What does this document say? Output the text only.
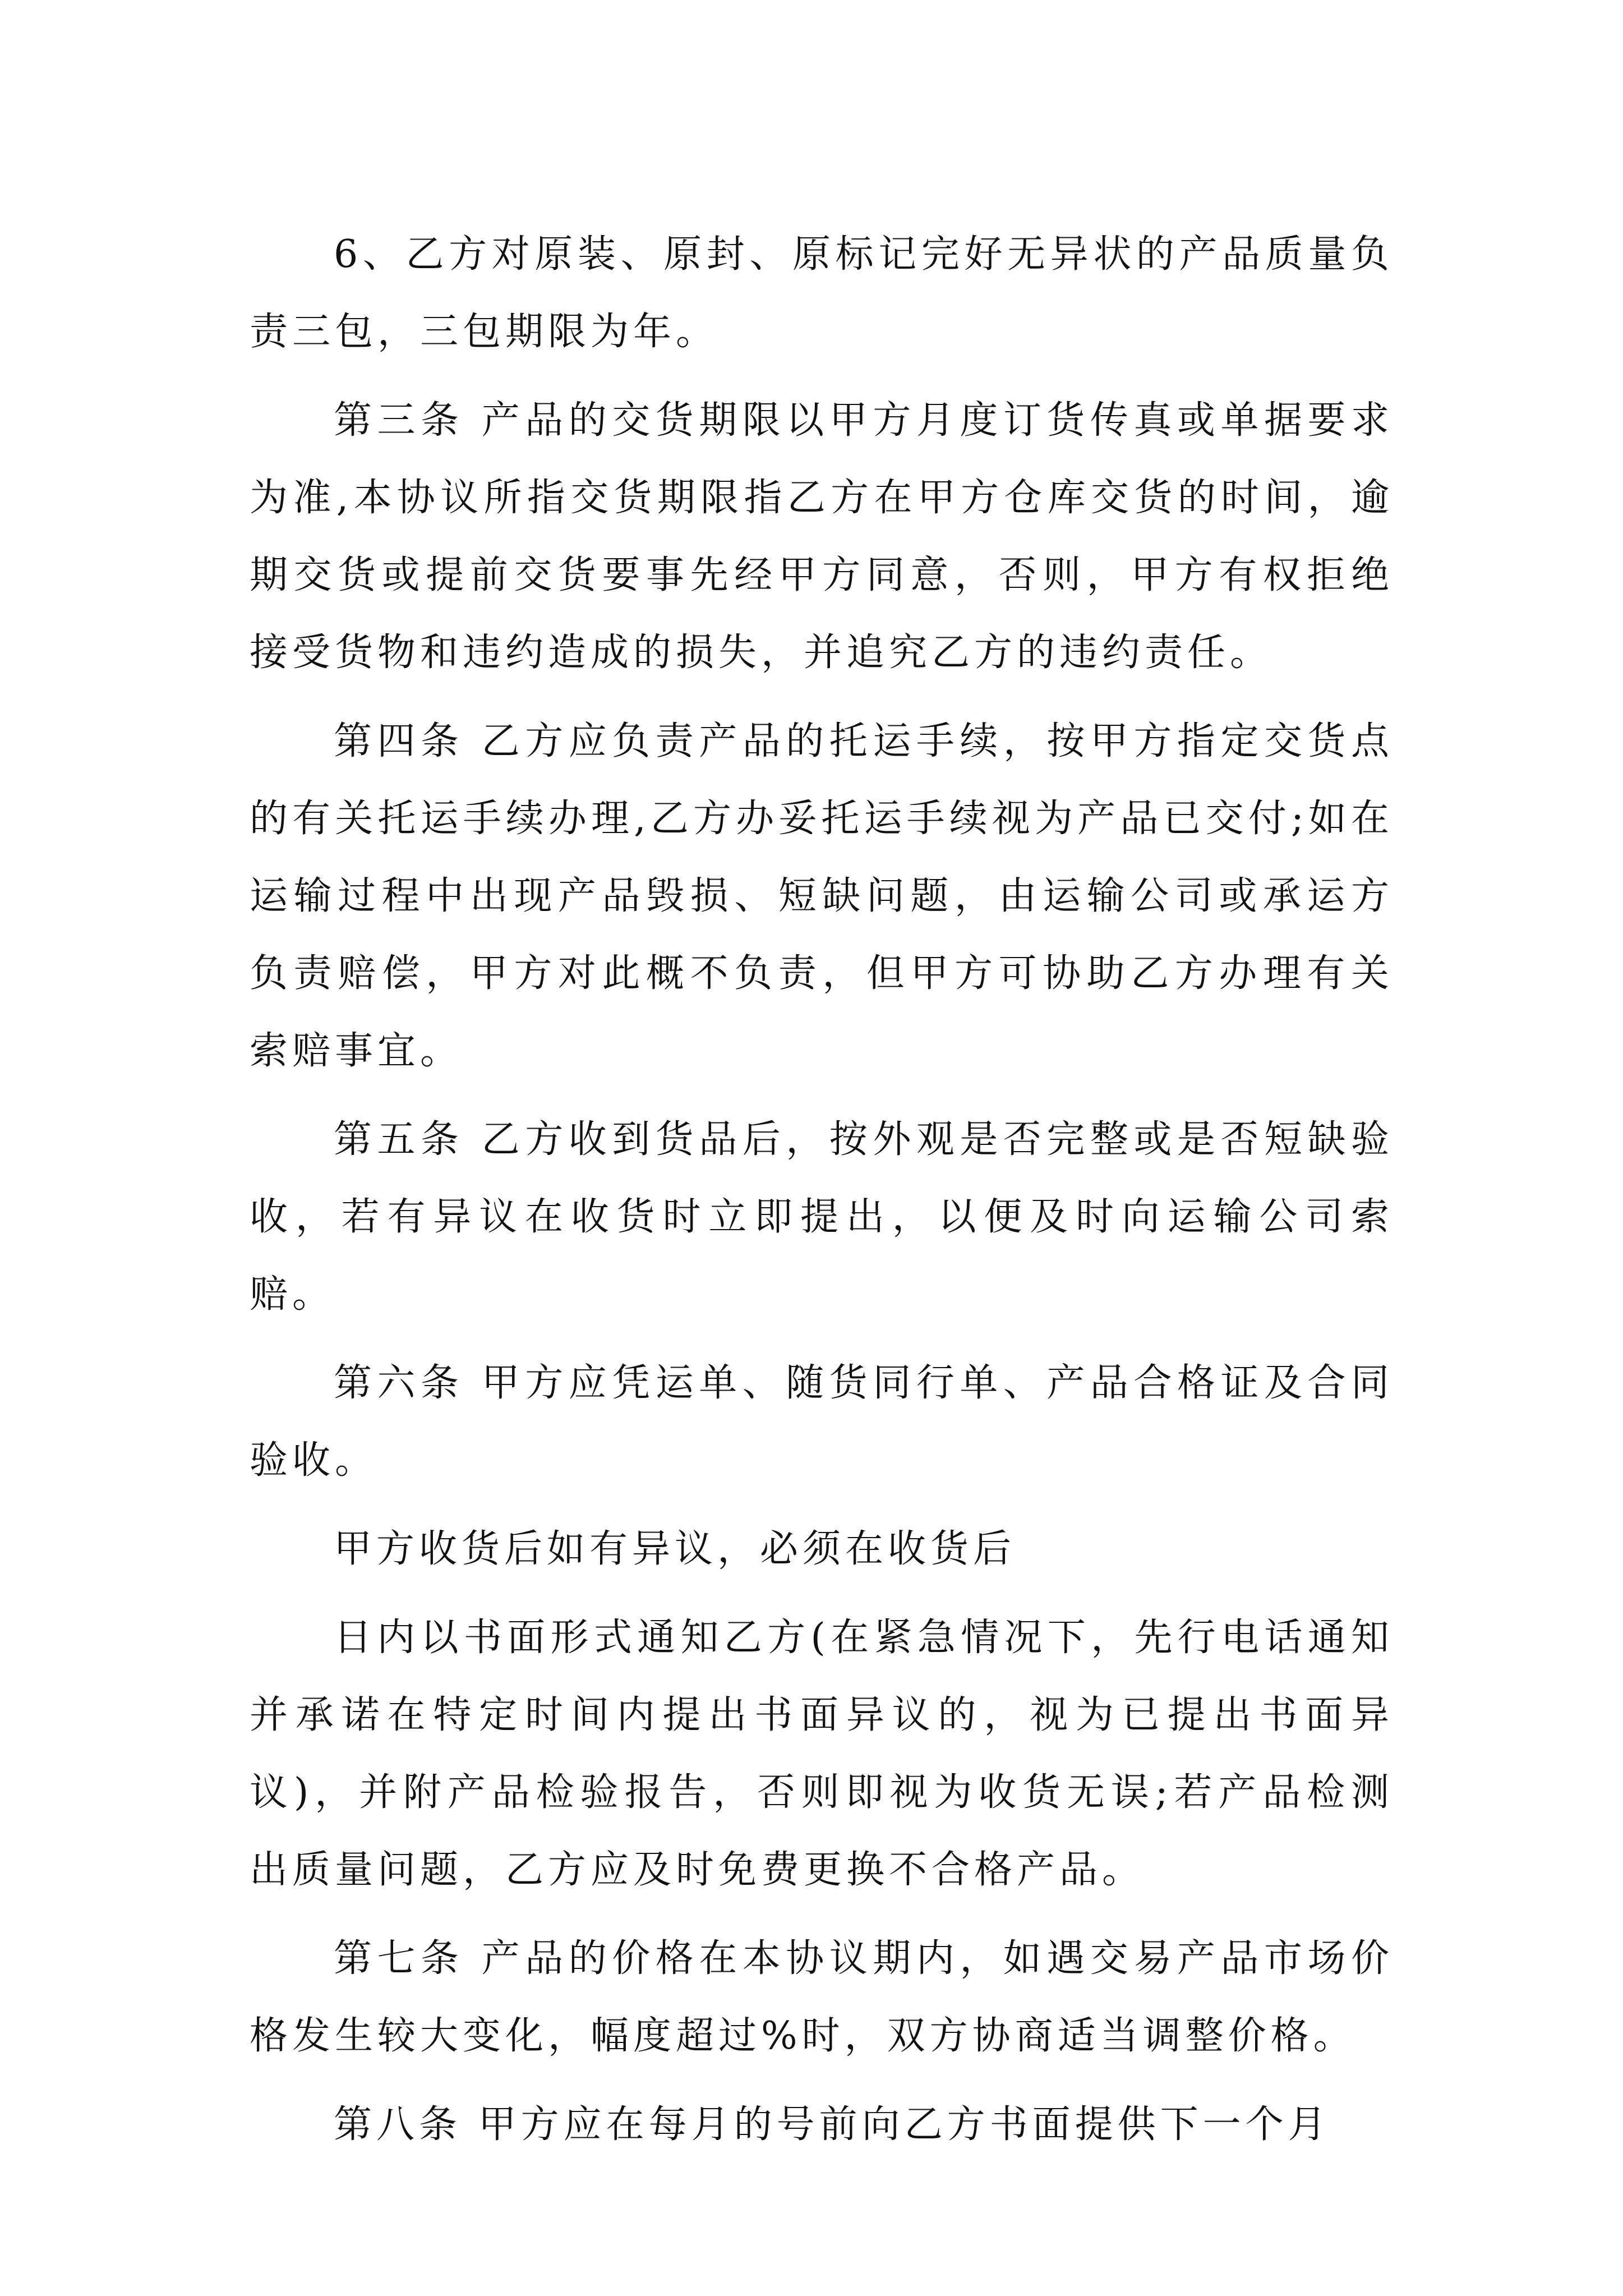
6、乙方对原装、原封、原标记完好无异状的产品质量负责三包，三包期限为年。

第三条 产品的交货期限以甲方月度订货传真或单据要求为准,本协议所指交货期限指乙方在甲方仓库交货的时间，逾期交货或提前交货要事先经甲方同意，否则，甲方有权拒绝接受货物和违约造成的损失，并追究乙方的违约责任。

第四条 乙方应负责产品的托运手续，按甲方指定交货点的有关托运手续办理,乙方办妥托运手续视为产品已交付;如在运输过程中出现产品毁损、短缺问题，由运输公司或承运方负责赔偿，甲方对此概不负责，但甲方可协助乙方办理有关索赔事宜。

第五条 乙方收到货品后，按外观是否完整或是否短缺验收，若有异议在收货时立即提出，以便及时向运输公司索赔。

第六条 甲方应凭运单、随货同行单、产品合格证及合同验收。

甲方收货后如有异议，必须在收货后

日内以书面形式通知乙方(在紧急情况下，先行电话通知并承诺在特定时间内提出书面异议的，视为已提出书面异议)，并附产品检验报告，否则即视为收货无误;若产品检测出质量问题，乙方应及时免费更换不合格产品。

第七条 产品的价格在本协议期内，如遇交易产品市场价格发生较大变化，幅度超过%时，双方协商适当调整价格。

第八条 甲方应在每月的号前向乙方书面提供下一个月
